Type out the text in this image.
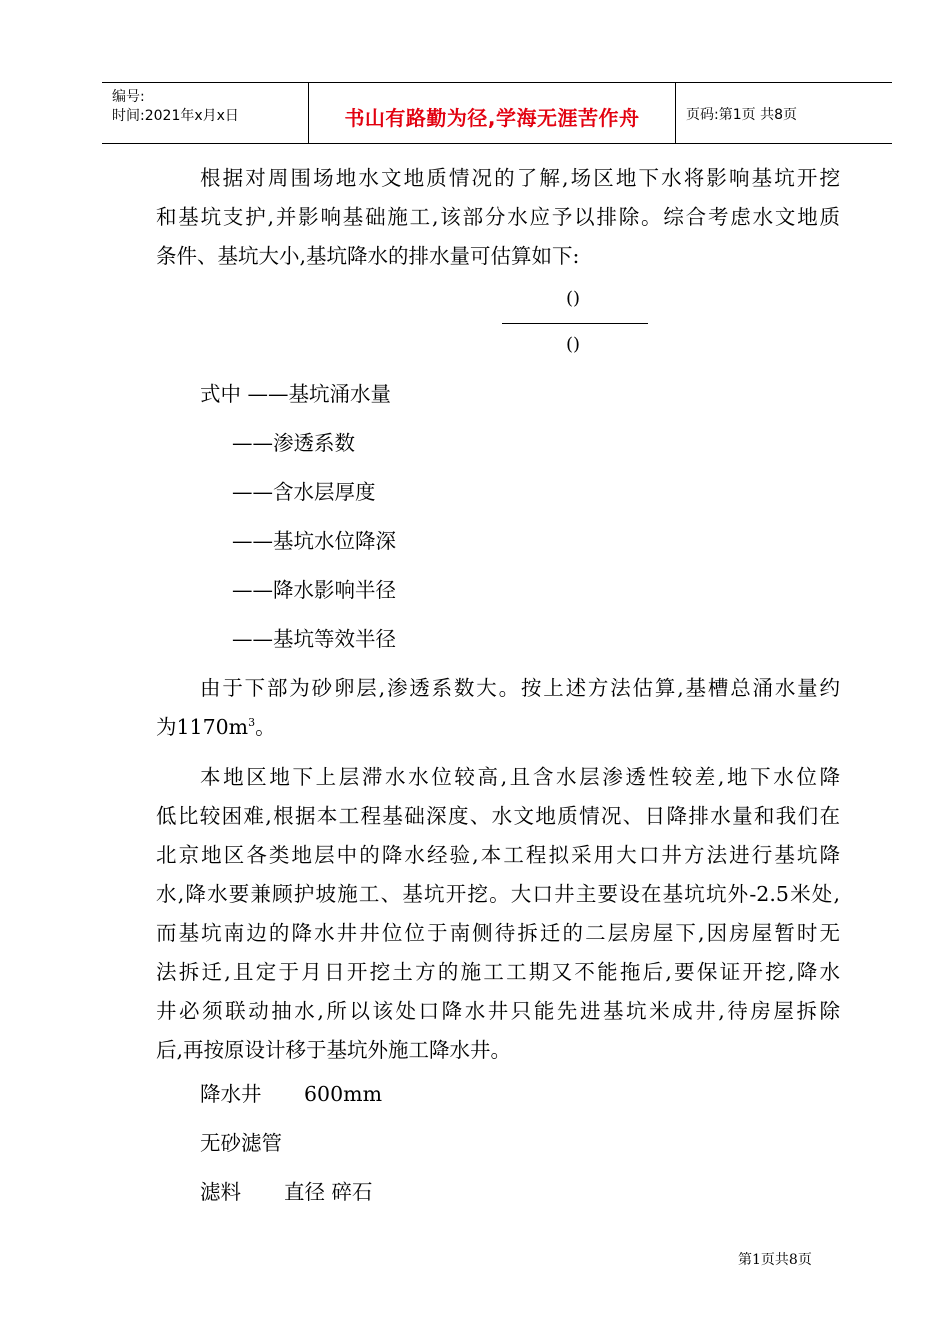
编号:
时间:2021年x月x日	书山有路勤为径,学海无涯苦作舟	页码:第1页 共8页
根据对周围场地水文地质情况的了解,场区地下水将影响基坑开挖
和基坑支护,并影响基础施工,该部分水应予以排除。综合考虑水文地质
条件、基坑大小,基坑降水的排水量可估算如下:
()
()
式中 ——基坑涌水量
——渗透系数
——含水层厚度
——基坑水位降深
——降水影响半径
——基坑等效半径
由于下部为砂卵层,渗透系数大。按上述方法估算,基槽总涌水量约
为$1170m^3$。
本地区地下上层滞水水位较高,且含水层渗透性较差,地下水位降
低比较困难,根据本工程基础深度、水文地质情况、日降排水量和我们在
北京地区各类地层中的降水经验,本工程拟采用大口井方法进行基坑降
水,降水要兼顾护坡施工、基坑开挖。大口井主要设在基坑坑外-2.5米处,
而基坑南边的降水井井位位于南侧待拆迁的二层房屋下,因房屋暂时无
法拆迁,且定于月日开挖土方的施工工期又不能拖后,要保证开挖,降水
井必须联动抽水,所以该处口降水井只能先进基坑米成井,待房屋拆除
后,再按原设计移于基坑外施工降水井。
降水井 600mm
无砂滤管
滤料 直径 碎石
第1页共8页
